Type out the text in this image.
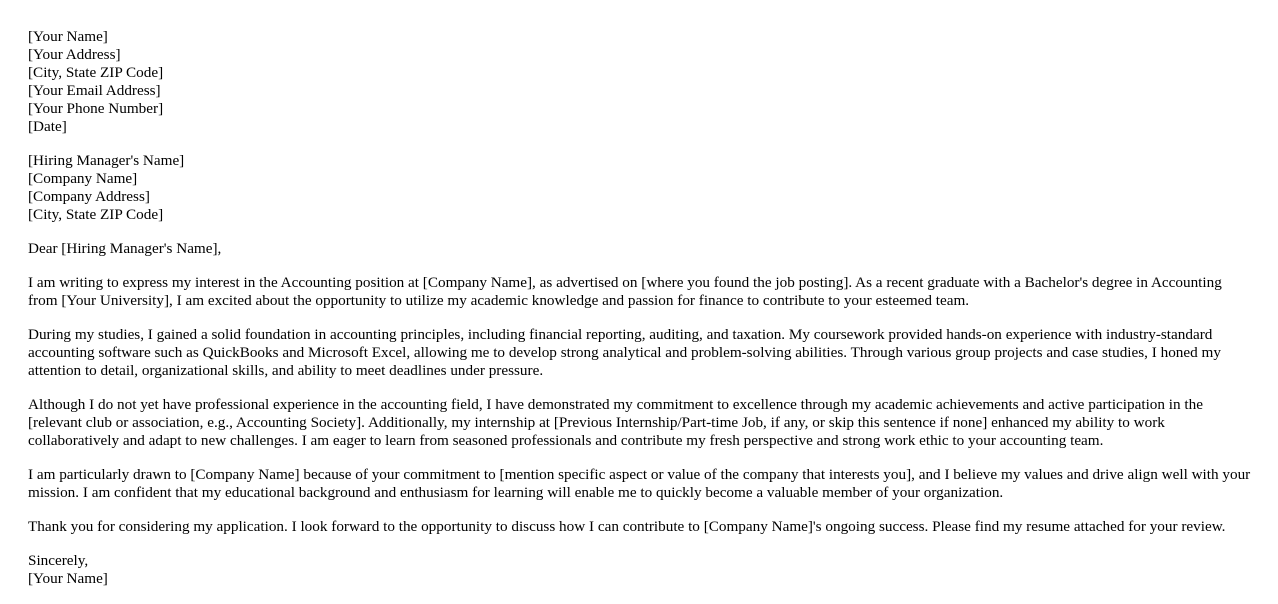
[Your Name]
[Your Address]
[City, State ZIP Code]
[Your Email Address]
[Your Phone Number]
[Date]
[Hiring Manager's Name]
[Company Name]
[Company Address]
[City, State ZIP Code]

Dear [Hiring Manager's Name],

I am writing to express my interest in the Accounting position at [Company Name], as advertised on [where you found the job posting]. As a recent graduate with a Bachelor's degree in Accounting from [Your University], I am excited about the opportunity to utilize my academic knowledge and passion for finance to contribute to your esteemed team.

During my studies, I gained a solid foundation in accounting principles, including financial reporting, auditing, and taxation. My coursework provided hands-on experience with industry-standard accounting software such as QuickBooks and Microsoft Excel, allowing me to develop strong analytical and problem-solving abilities. Through various group projects and case studies, I honed my attention to detail, organizational skills, and ability to meet deadlines under pressure.

Although I do not yet have professional experience in the accounting field, I have demonstrated my commitment to excellence through my academic achievements and active participation in the [relevant club or association, e.g., Accounting Society]. Additionally, my internship at [Previous Internship/Part-time Job, if any, or skip this sentence if none] enhanced my ability to work collaboratively and adapt to new challenges. I am eager to learn from seasoned professionals and contribute my fresh perspective and strong work ethic to your accounting team.

I am particularly drawn to [Company Name] because of your commitment to [mention specific aspect or value of the company that interests you], and I believe my values and drive align well with your mission. I am confident that my educational background and enthusiasm for learning will enable me to quickly become a valuable member of your organization.

Thank you for considering my application. I look forward to the opportunity to discuss how I can contribute to [Company Name]'s ongoing success. Please find my resume attached for your review.

Sincerely,
[Your Name]
